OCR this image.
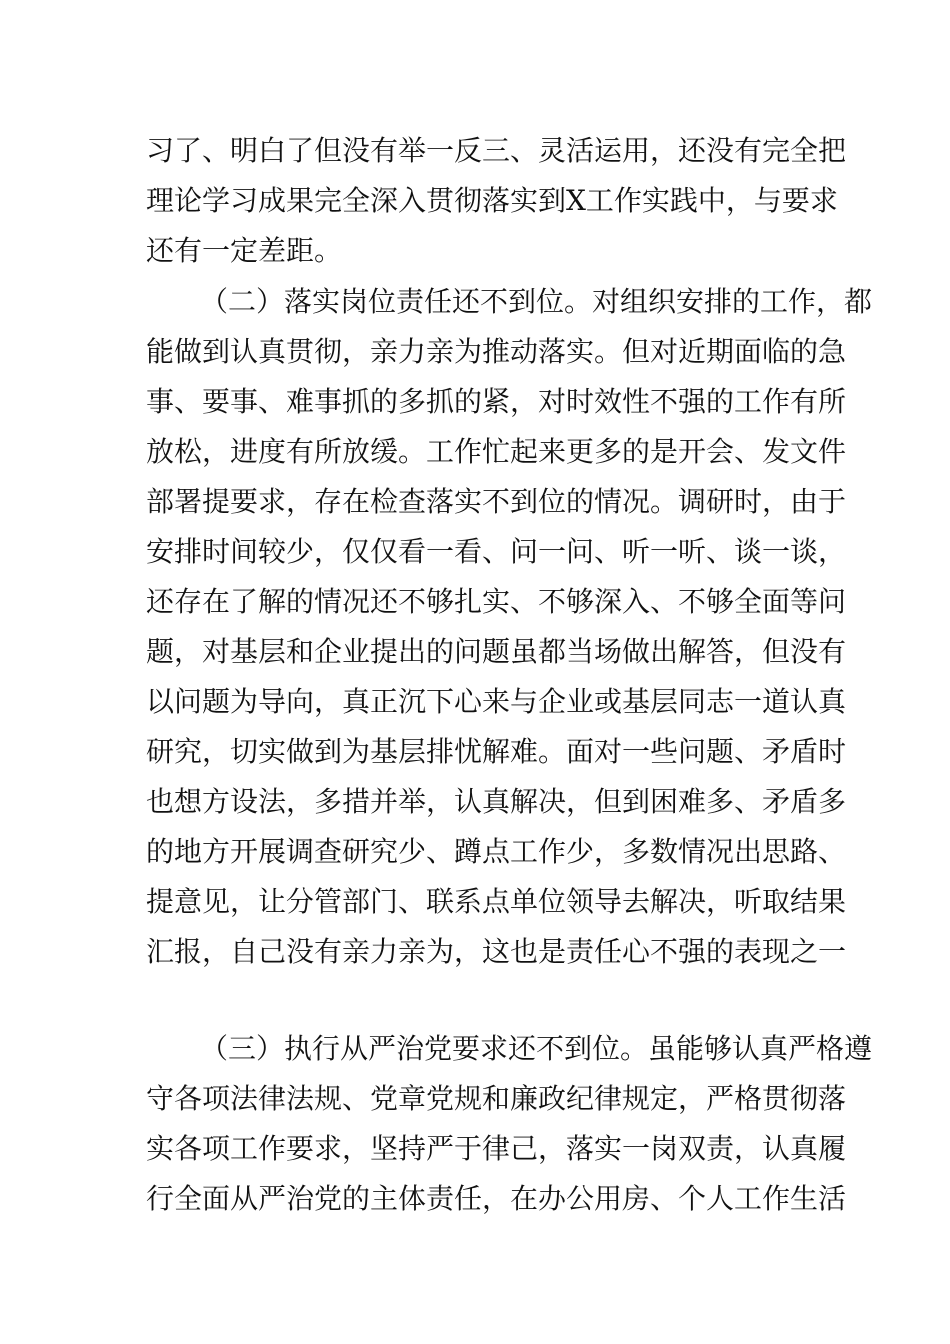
习了、明白了但没有举一反三、灵活运用，还没有完全把
理论学习成果完全深入贯彻落实到X工作实践中，与要求
还有一定差距。
（二）落实岗位责任还不到位。对组织安排的工作，都
能做到认真贯彻，亲力亲为推动落实。但对近期面临的急
事、要事、难事抓的多抓的紧，对时效性不强的工作有所
放松，进度有所放缓。工作忙起来更多的是开会、发文件
部署提要求，存在检查落实不到位的情况。调研时，由于
安排时间较少，仅仅看一看、问一问、听一听、谈一谈，
还存在了解的情况还不够扎实、不够深入、不够全面等问
题，对基层和企业提出的问题虽都当场做出解答，但没有
以问题为导向，真正沉下心来与企业或基层同志一道认真
研究，切实做到为基层排忧解难。面对一些问题、矛盾时
也想方设法，多措并举，认真解决，但到困难多、矛盾多
的地方开展调查研究少、蹲点工作少，多数情况出思路、
提意见，让分管部门、联系点单位领导去解决，听取结果
汇报，自己没有亲力亲为，这也是责任心不强的表现之一
（三）执行从严治党要求还不到位。虽能够认真严格遵
守各项法律法规、党章党规和廉政纪律规定，严格贯彻落
实各项工作要求，坚持严于律己，落实一岗双责，认真履
行全面从严治党的主体责任，在办公用房、个人工作生活
